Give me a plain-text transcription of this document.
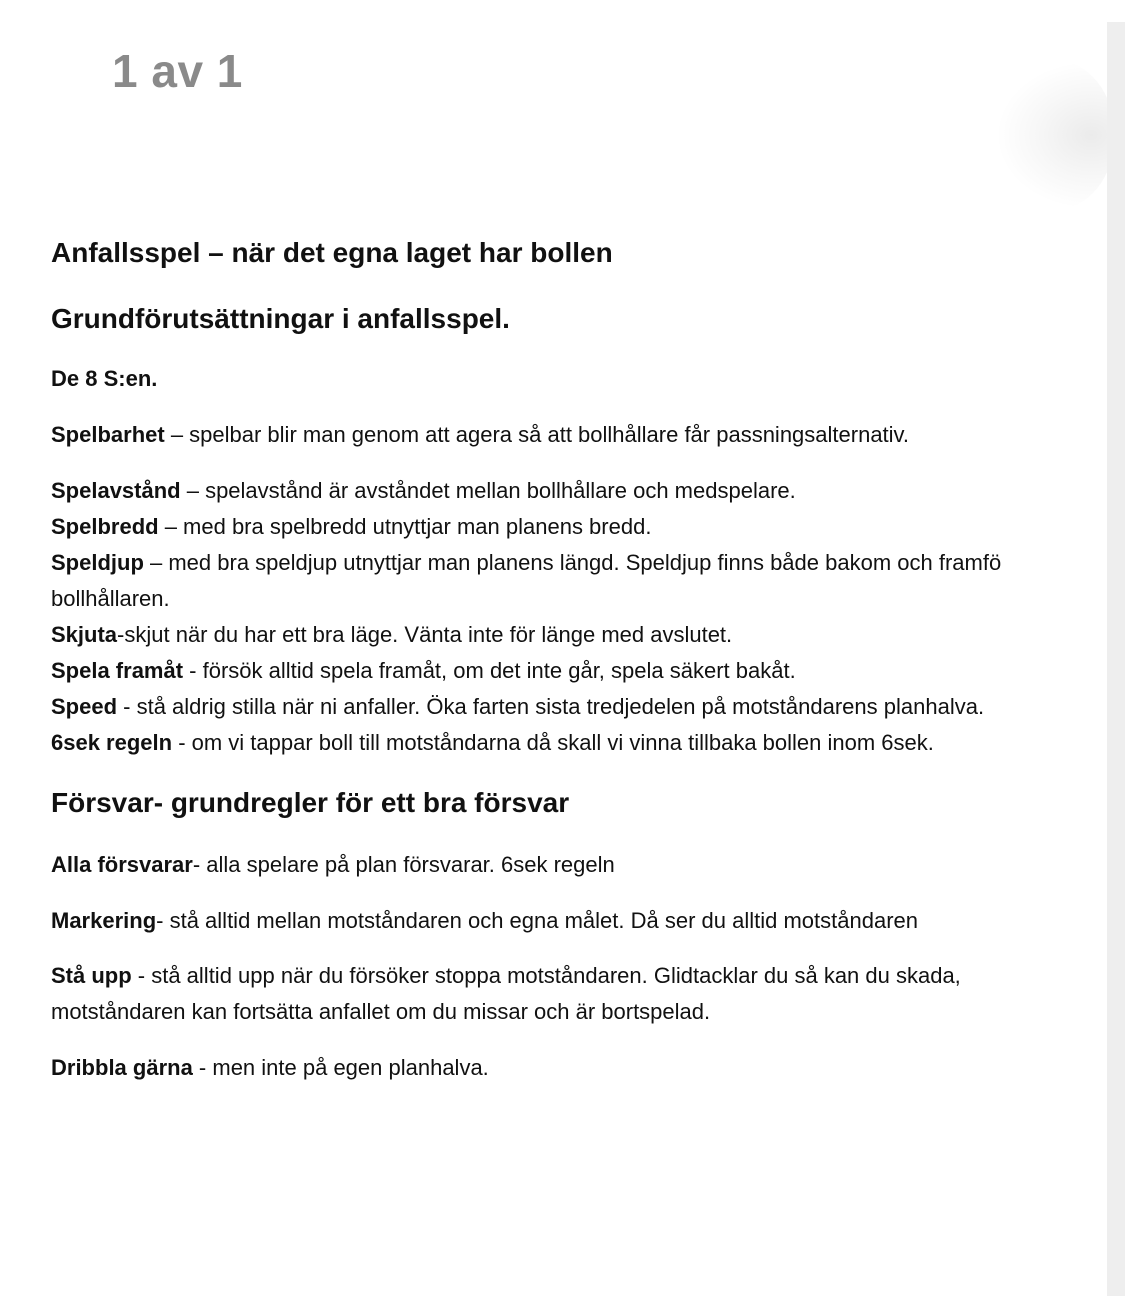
1 av 1
Anfallsspel – när det egna laget har bollen
Grundförutsättningar i anfallsspel.

De 8 S:en.

Spelbarhet – spelbar blir man genom att agera så att bollhållare får passningsalternativ.

Spelavstånd – spelavstånd är avståndet mellan bollhållare och medspelare.

Spelbredd – med bra spelbredd utnyttjar man planens bredd.

Speldjup – med bra speldjup utnyttjar man planens längd. Speldjup finns både bakom och framfö

bollhållaren.

Skjuta-skjut när du har ett bra läge. Vänta inte för länge med avslutet.

Spela framåt - försök alltid spela framåt, om det inte går, spela säkert bakåt.

Speed - stå aldrig stilla när ni anfaller. Öka farten sista tredjedelen på motståndarens planhalva.

6sek regeln - om vi tappar boll till motståndarna då skall vi vinna tillbaka bollen inom 6sek.

Försvar- grundregler för ett bra försvar

Alla försvarar- alla spelare på plan försvarar. 6sek regeln

Markering- stå alltid mellan motståndaren och egna målet. Då ser du alltid motståndaren

Stå upp - stå alltid upp när du försöker stoppa motståndaren. Glidtacklar du så kan du skada,

motståndaren kan fortsätta anfallet om du missar och är bortspelad.

Dribbla gärna - men inte på egen planhalva.
